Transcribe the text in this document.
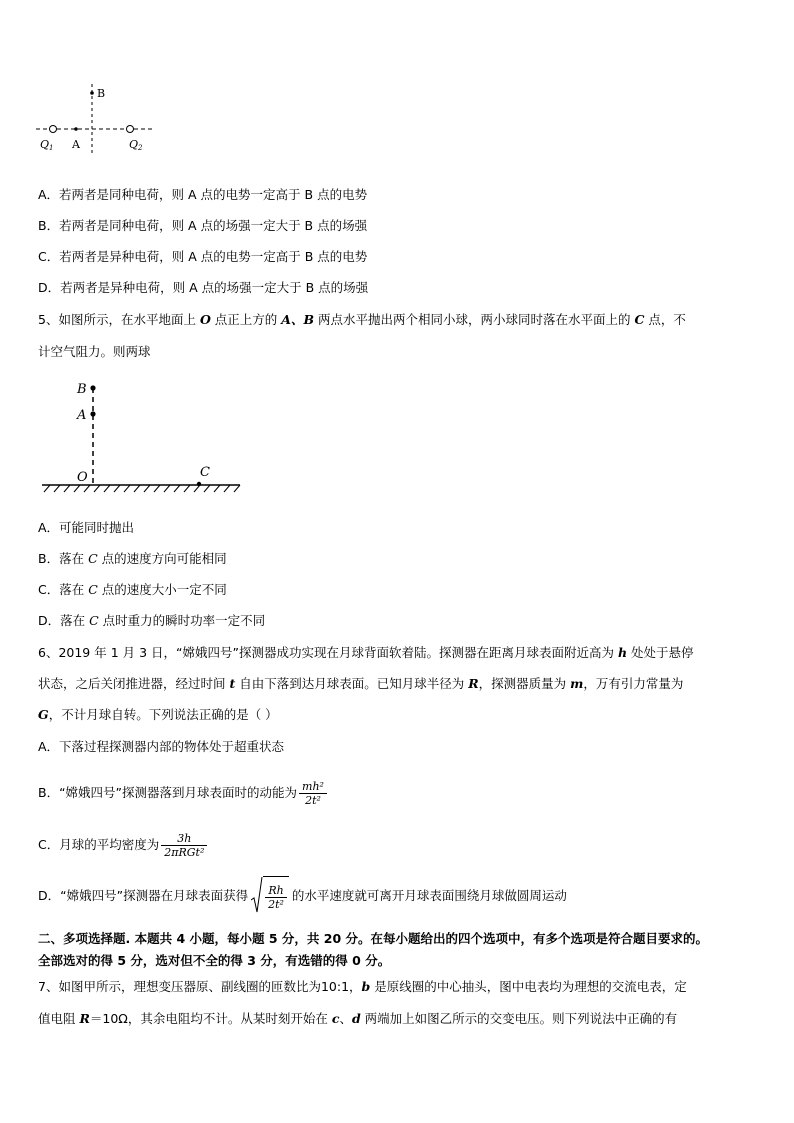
B
Q1 A	Q2
A．若两者是同种电荷，则 A 点的电势一定高于 B 点的电势
B．若两者是同种电荷，则 A 点的场强一定大于 B 点的场强
C．若两者是异种电荷，则 A 点的电势一定高于 B 点的电势
D．若两者是异种电荷，则 A 点的场强一定大于 B 点的场强
5、如图所示，在水平地面上 O 点正上方的 A、B 两点水平抛出两个相同小球，两小球同时落在水平面上的 C 点，不
计空气阻力。则两球
B
A
O	C
A．可能同时抛出
B．落在 C 点的速度方向可能相同
C．落在 C 点的速度大小一定不同
D．落在 C 点时重力的瞬时功率一定不同
6、2019 年 1 月 3 日，“嫦娥四号”探测器成功实现在月球背面软着陆。探测器在距离月球表面附近高为 h 处处于悬停
状态，之后关闭推进器，经过时间 t 自由下落到达月球表面。已知月球半径为 R，探测器质量为 m，万有引力常量为
G，不计月球自转。下列说法正确的是（ ）
A．下落过程探测器内部的物体处于超重状态
B．“嫦娥四号”探测器落到月球表面时的动能为 $\frac{\text{mh²}}{\text{2t²}}$
C．月球的平均密度为 $\frac{3h}{\text{2πRGt²}}$
D．“嫦娥四号”探测器在月球表面获得 $\frac{Rh}{\text{2t²}}$ 的水平速度就可离开月球表面围绕月球做圆周运动
二、多项选择题. 本题共 4 小题，每小题 5 分，共 20 分。在每小题给出的四个选项中，有多个选项是符合题目要求的。
全部选对的得 5 分，选对但不全的得 3 分，有选错的得 0 分。
7、如图甲所示，理想变压器原、副线圈的匝数比为10:1，b 是原线圈的中心抽头，图中电表均为理想的交流电表，定
值电阻 R＝10Ω，其余电阻均不计。从某时刻开始在 c、d 两端加上如图乙所示的交变电压。则下列说法中正确的有
